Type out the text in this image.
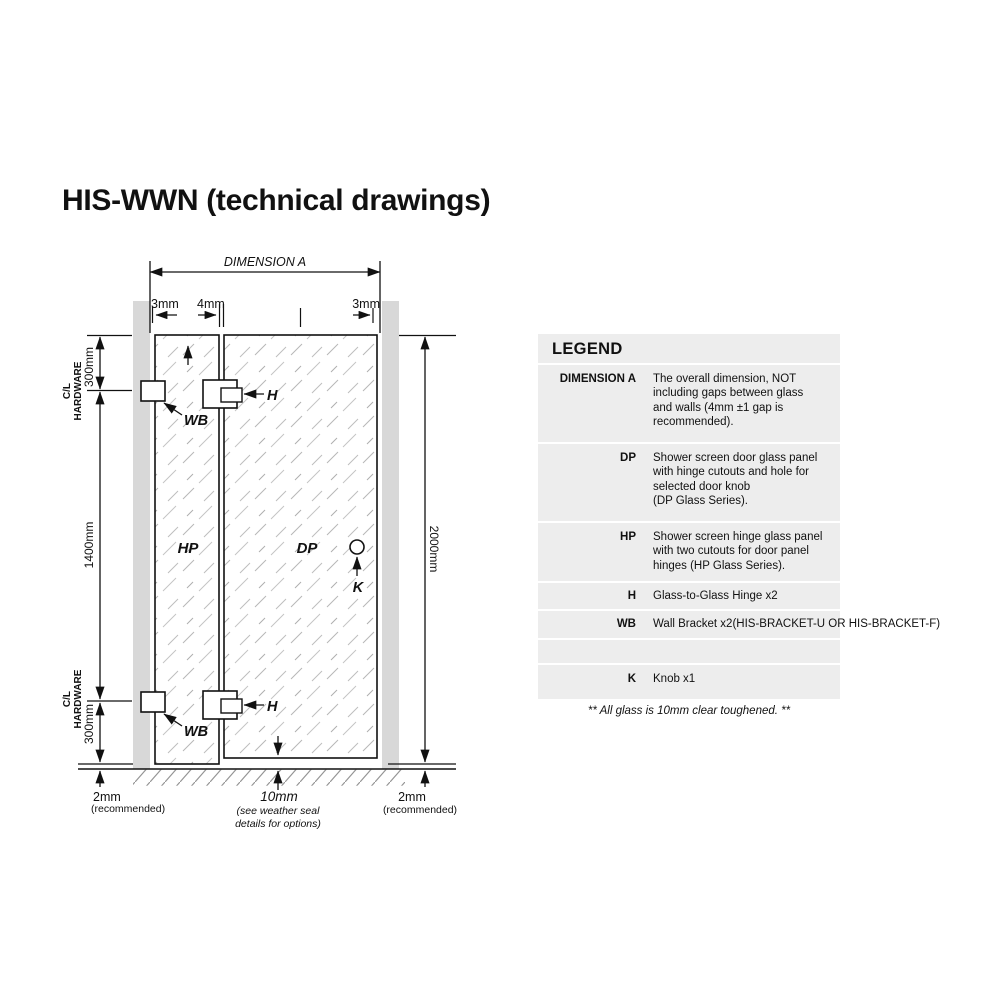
HIS-WWN (technical drawings)
DIMENSION A
3mm 4mm	3mm
300mm
C/L HARDWARE
1400mm
C/L HARDWARE
300mm
2000mm
HP	DP
H
H
WB
WB
K
2mm
(recommended)
10mm
(see weather seal
details for options)
2mm
(recommended)
LEGEND
DIMENSION A The overall dimension, NOT
including gaps between glass
and walls (4mm ±1 gap is
recommended).
DP Shower screen door glass panel
with hinge cutouts and hole for
selected door knob
(DP Glass Series).
HP Shower screen hinge glass panel
with two cutouts for door panel
hinges (HP Glass Series).
H Glass-to-Glass Hinge x2
WB Wall Bracket x2(HIS-BRACKET-U OR HIS-BRACKET-F)
K Knob x1
** All glass is 10mm clear toughened. **
